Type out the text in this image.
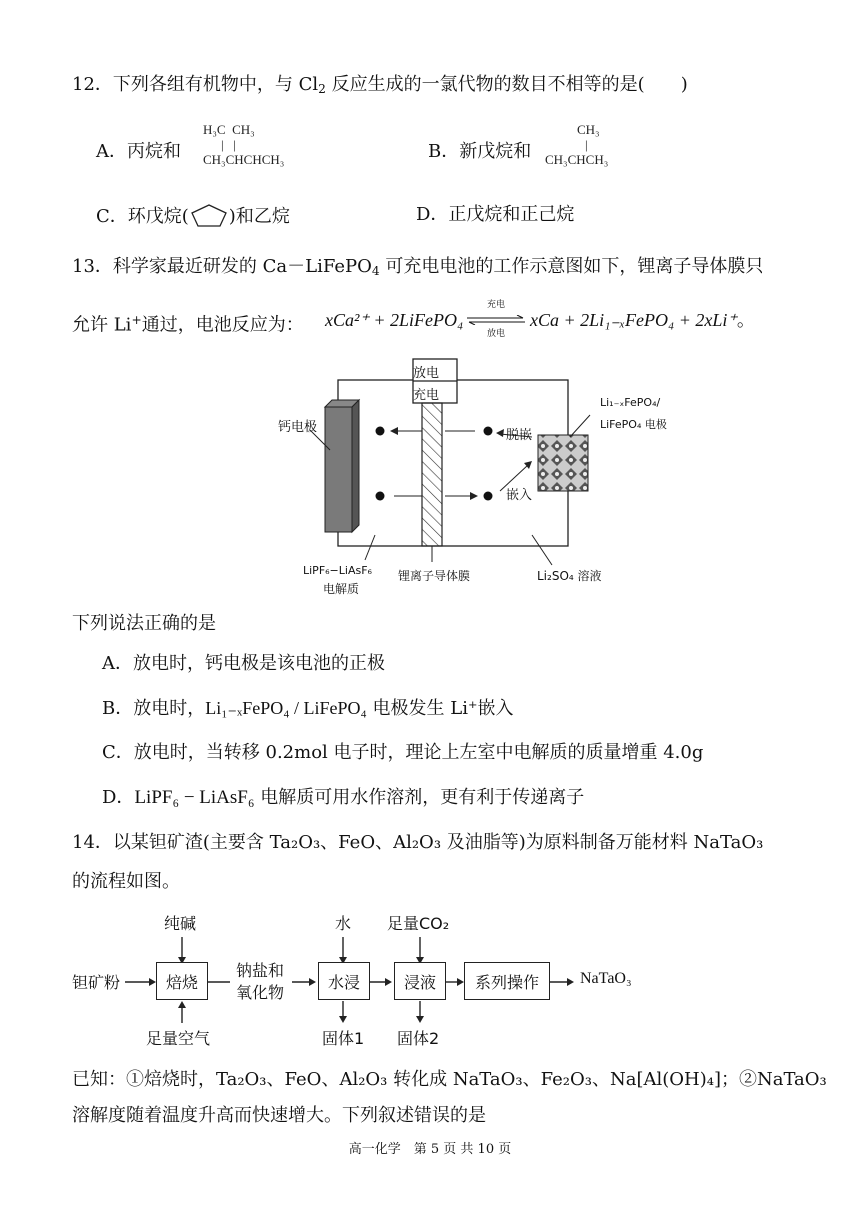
12．下列各组有机物中，与 $Cl_2$ 反应生成的一氯代物的数目不相等的是(　　)
A．丙烷和
H₃C  CH₃
|   |
CH₃CHCHCH₃	B．新戊烷和
CH₃
|
CH₃CHCH₃
C．环戊烷( )和乙烷	D．正戊烷和正己烷
13．科学家最近研发的 Ca－LiFePO$_4$ 可充电电池的工作示意图如下，锂离子导体膜只
允许 Li+通过，电池反应为： xCa²⁺ + 2LiFePO₄
充电
放电
xCa + 2Li₁₋ₓFePO₄ + 2xLi⁺。
放电
充电
钙电极
Li₁₋ₓFePO₄/
LiFePO₄ 电极
脱嵌
嵌入
LiPF₆−LiAsF₆
电解质
锂离子导体膜	Li₂SO₄ 溶液
下列说法正确的是
A．放电时，钙电极是该电池的正极
B．放电时，Li₁₋ₓFePO₄ / LiFePO₄ 电极发生 Li⁺嵌入
C．放电时，当转移 0.2mol 电子时，理论上左室中电解质的质量增重 4.0g
D．LiPF₆ − LiAsF₆ 电解质可用水作溶剂，更有利于传递离子
14．以某钽矿渣(主要含 Ta₂O₃、FeO、Al₂O₃ 及油脂等)为原料制备万能材料 NaTaO₃
的流程如图。
焙烧	水浸	浸液	系列操作
纯碱
钽矿粉
足量空气
钠盐和
氧化物
水
固体1
足量CO₂
固体2
NaTaO₃
已知：①焙烧时，Ta₂O₃、FeO、Al₂O₃ 转化成 NaTaO₃、Fe₂O₃、Na[Al(OH)₄]；②NaTaO₃
溶解度随着温度升高而快速增大。下列叙述错误的是
高一化学　第 5 页 共 10 页
